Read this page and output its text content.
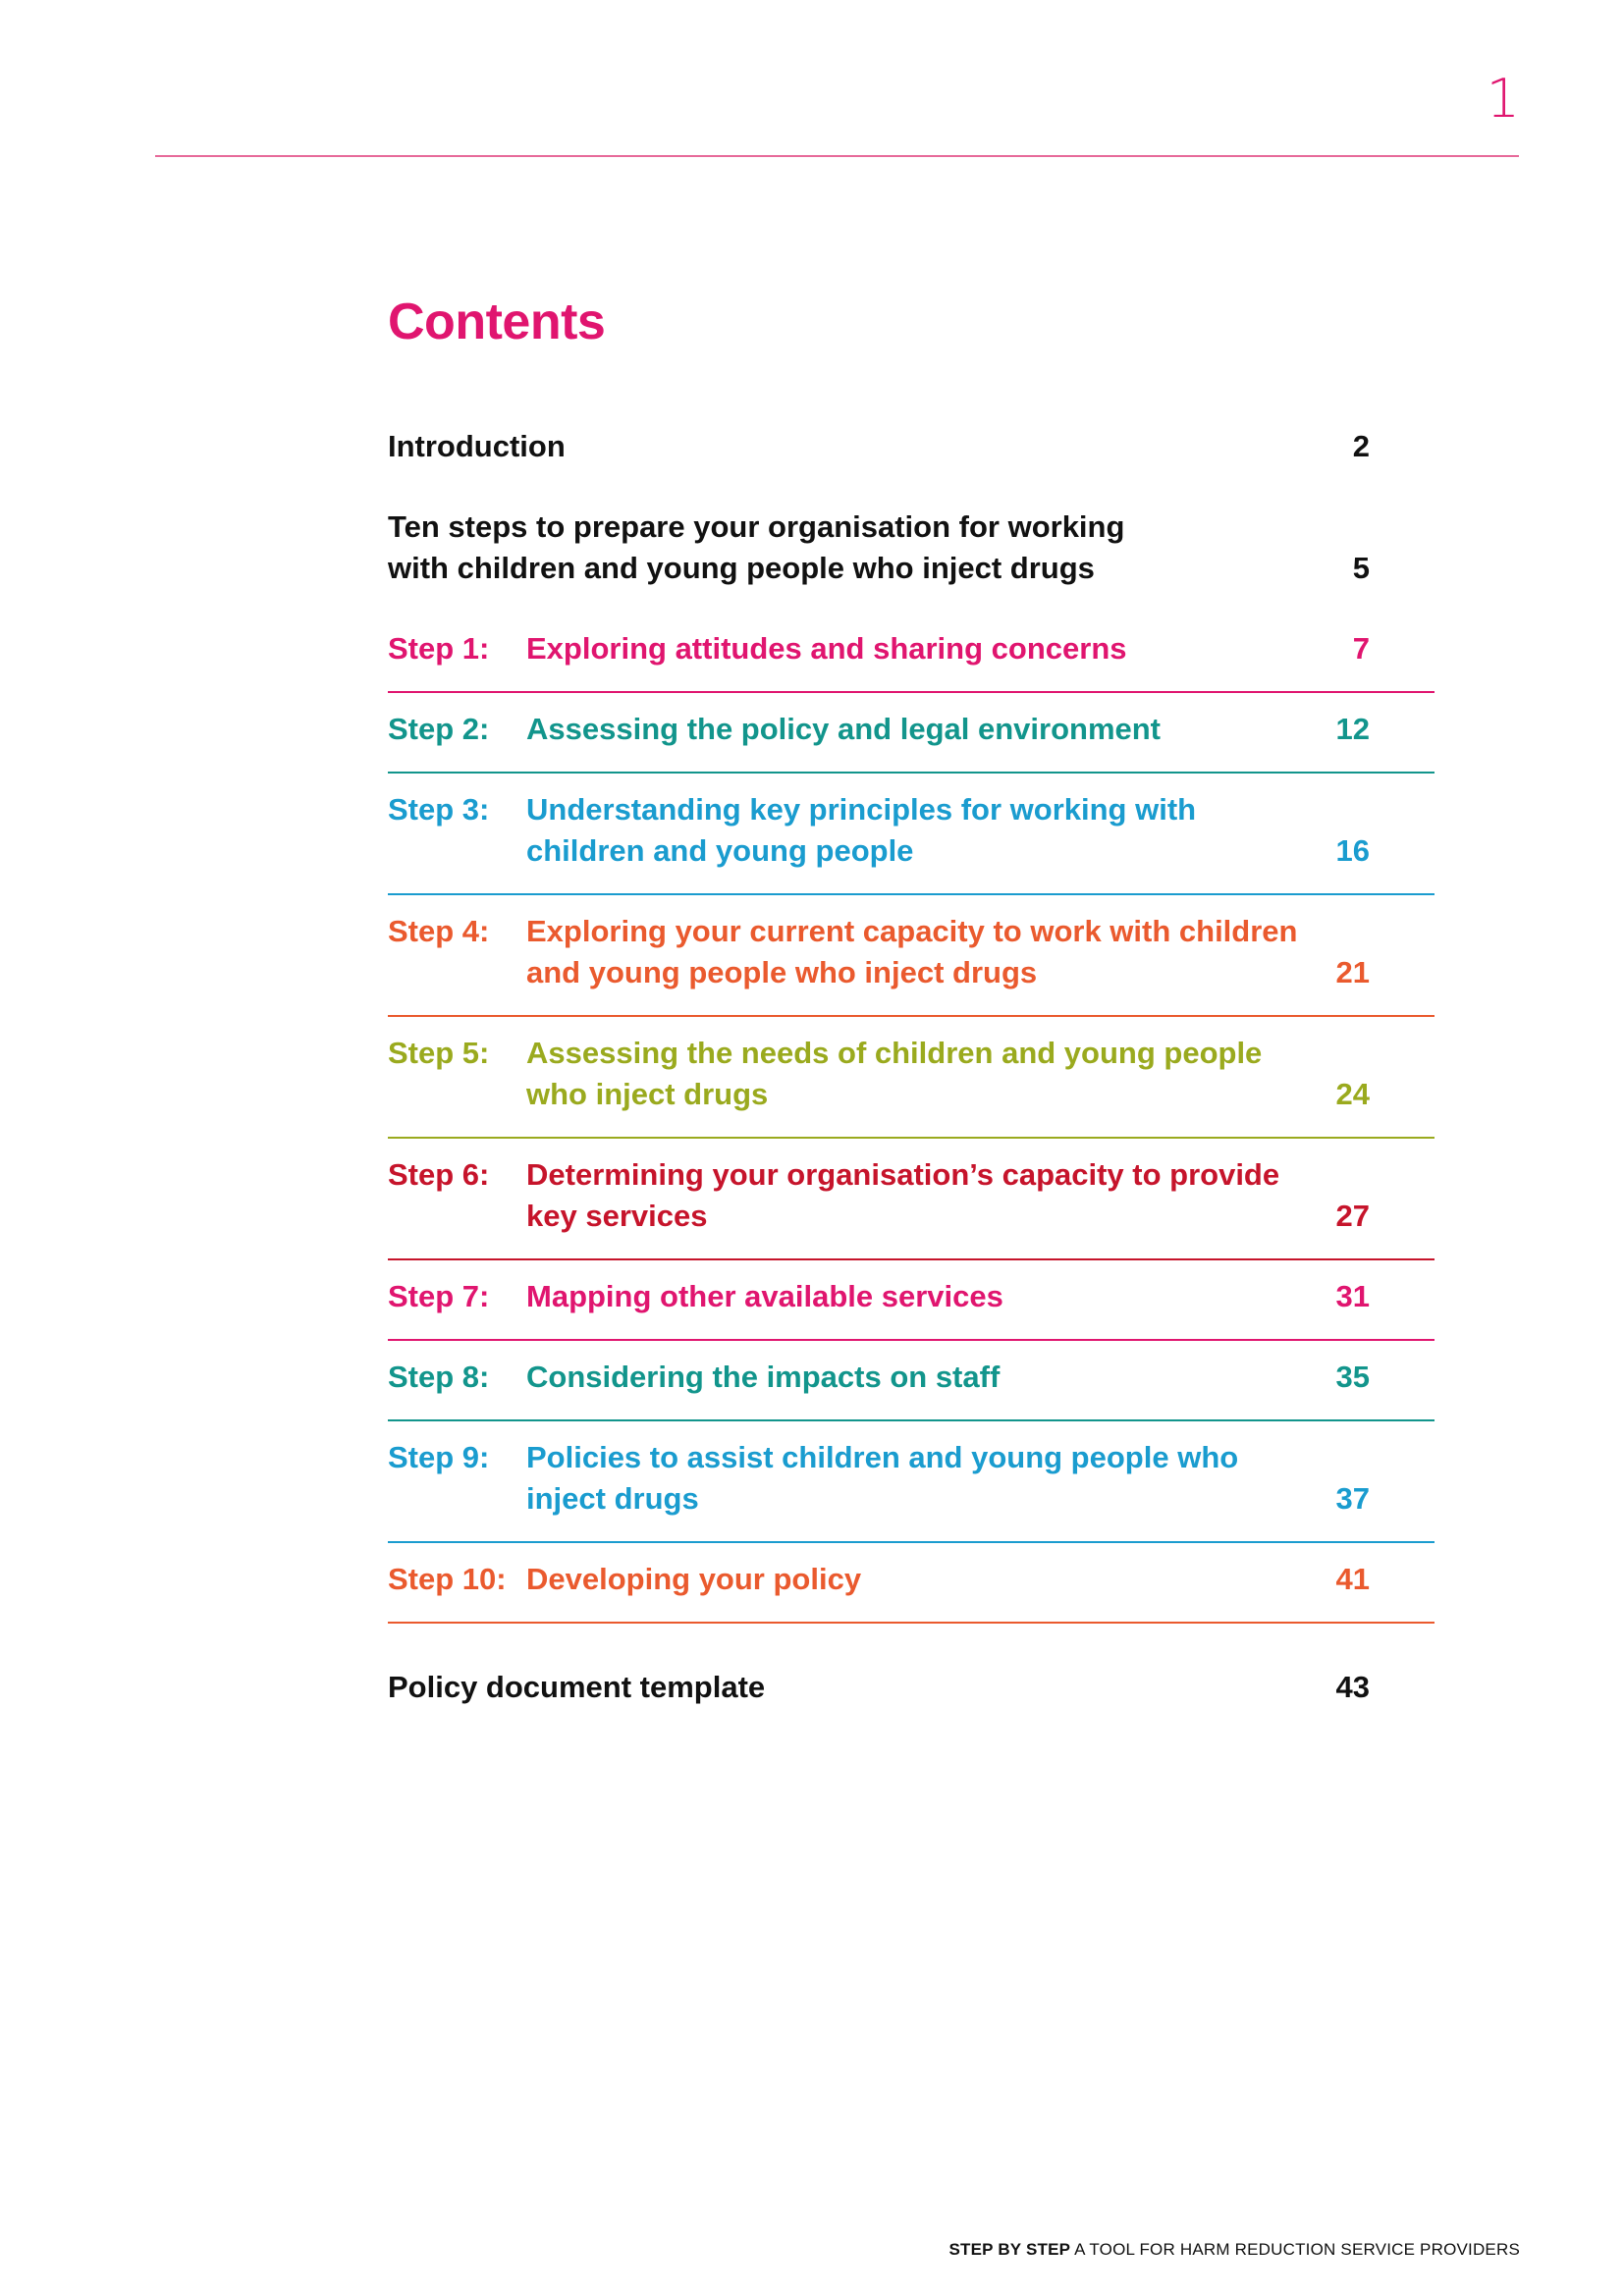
1
Contents
Introduction	2
Ten steps to prepare your organisation for working with children and young people who inject drugs	5
Step 1: Exploring attitudes and sharing concerns	7
Step 2: Assessing the policy and legal environment	12
Step 3: Understanding key principles for working with children and young people	16
Step 4: Exploring your current capacity to work with children and young people who inject drugs	21
Step 5: Assessing the needs of children and young people who inject drugs	24
Step 6: Determining your organisation’s capacity to provide key services	27
Step 7: Mapping other available services	31
Step 8: Considering the impacts on staff	35
Step 9: Policies to assist children and young people who inject drugs	37
Step 10: Developing your policy	41
Policy document template	43
STEP BY STEP A TOOL FOR HARM REDUCTION SERVICE PROVIDERS
